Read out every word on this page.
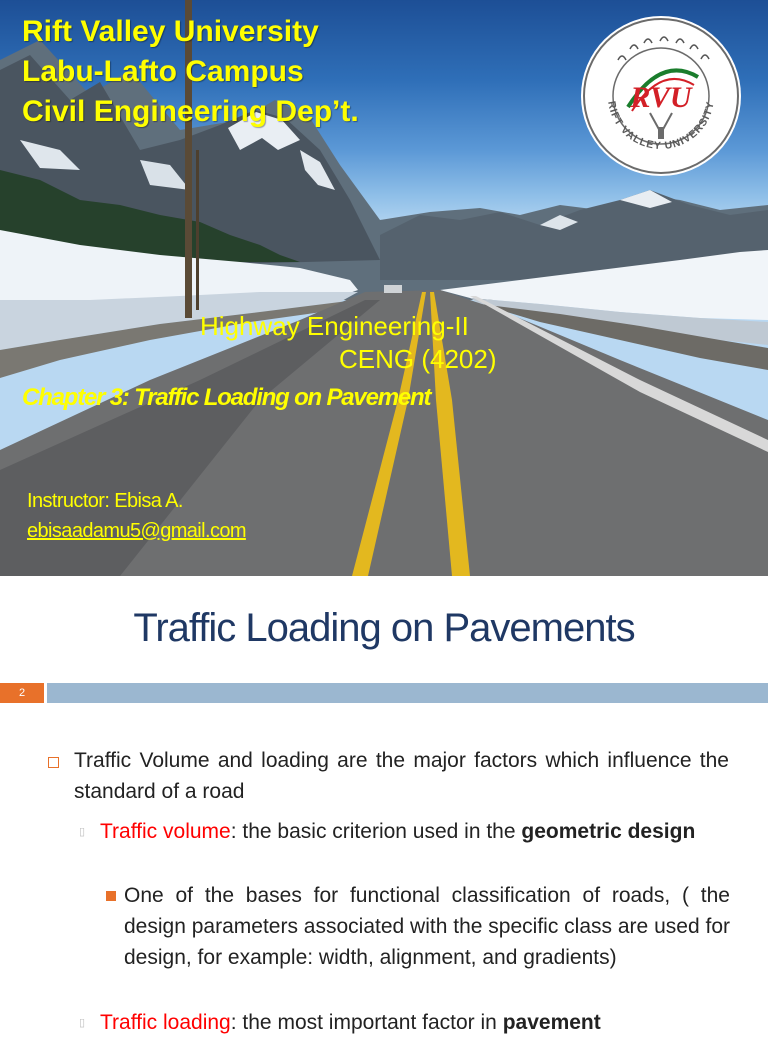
Rift Valley University

Labu-Lafto Campus

Civil Engineering Dep’t.

Highway Engineering-II

CENG (4202)

Chapter 3: Traffic Loading on Pavement

Instructor: Ebisa A.

ebisaadamu5@gmail.com

RIFT VALLEY UNIVERSITY
RVU
Traffic Loading on Pavements
2
Traffic Volume and loading are the major factors which influence the standard of a road
▯ Traffic volume: the basic criterion used in the geometric design
One of the bases for functional classification of roads, ( the design parameters associated with the specific class are used for design, for example: width, alignment, and gradients)
▯ Traffic loading: the most important factor in pavement
